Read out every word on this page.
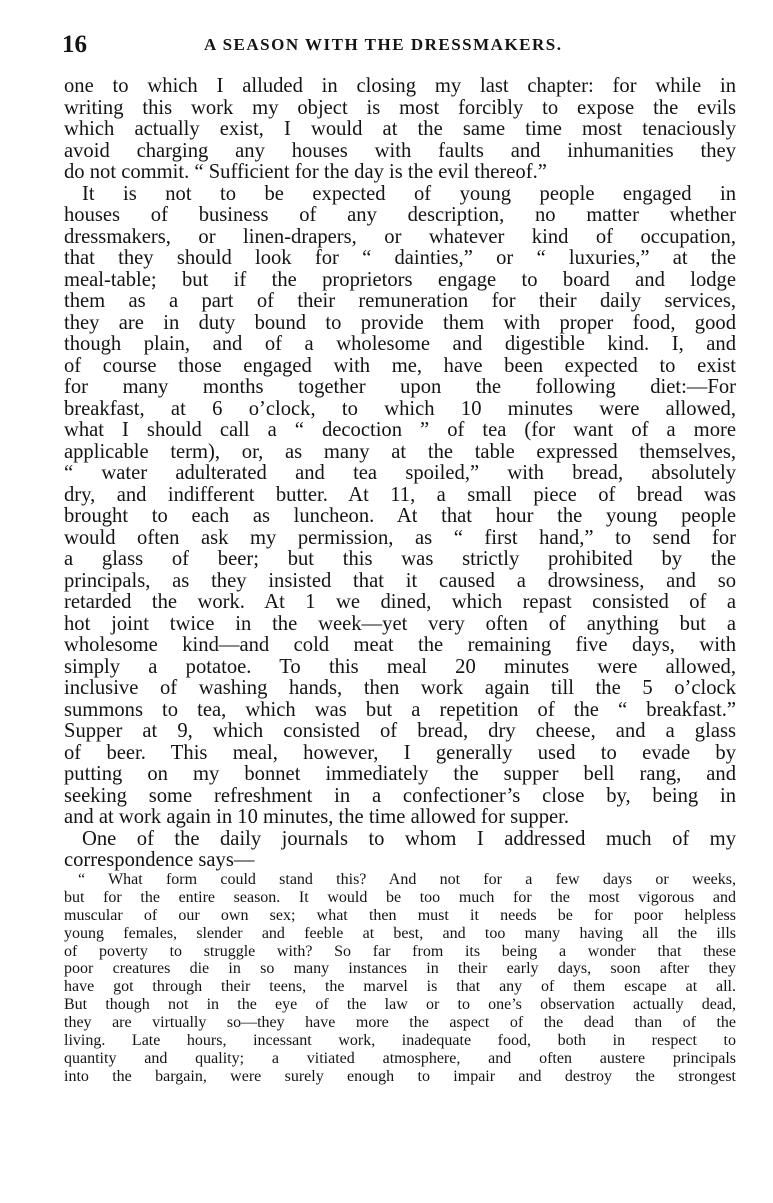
16	A SEASON WITH THE DRESSMAKERS.
one to which I alluded in closing my last chapter: for while in
writing this work my object is most forcibly to expose the evils
which actually exist, I would at the same time most tenaciously
avoid charging any houses with faults and inhumanities they
do not commit. “ Sufficient for the day is the evil thereof.”
It is not to be expected of young people engaged in
houses of business of any description, no matter whether
dressmakers, or linen-drapers, or whatever kind of occupation,
that they should look for “ dainties,” or “ luxuries,” at the
meal-table; but if the proprietors engage to board and lodge
them as a part of their remuneration for their daily services,
they are in duty bound to provide them with proper food, good
though plain, and of a wholesome and digestible kind. I, and
of course those engaged with me, have been expected to exist
for many months together upon the following diet:—For
breakfast, at 6 o’clock, to which 10 minutes were allowed,
what I should call a “ decoction ” of tea (for want of a more
applicable term), or, as many at the table expressed themselves,
“ water adulterated and tea spoiled,” with bread, absolutely
dry, and indifferent butter. At 11, a small piece of bread was
brought to each as luncheon. At that hour the young people
would often ask my permission, as “ first hand,” to send for
a glass of beer; but this was strictly prohibited by the
principals, as they insisted that it caused a drowsiness, and so
retarded the work. At 1 we dined, which repast consisted of a
hot joint twice in the week—yet very often of anything but a
wholesome kind—and cold meat the remaining five days, with
simply a potatoe. To this meal 20 minutes were allowed,
inclusive of washing hands, then work again till the 5 o’clock
summons to tea, which was but a repetition of the “ breakfast.”
Supper at 9, which consisted of bread, dry cheese, and a glass
of beer. This meal, however, I generally used to evade by
putting on my bonnet immediately the supper bell rang, and
seeking some refreshment in a confectioner’s close by, being in
and at work again in 10 minutes, the time allowed for supper.
One of the daily journals to whom I addressed much of my
correspondence says—
“ What form could stand this? And not for a few days or weeks,
but for the entire season. It would be too much for the most vigorous and
muscular of our own sex; what then must it needs be for poor helpless
young females, slender and feeble at best, and too many having all the ills
of poverty to struggle with? So far from its being a wonder that these
poor creatures die in so many instances in their early days, soon after they
have got through their teens, the marvel is that any of them escape at all.
But though not in the eye of the law or to one’s observation actually dead,
they are virtually so—they have more the aspect of the dead than of the
living. Late hours, incessant work, inadequate food, both in respect to
quantity and quality; a vitiated atmosphere, and often austere principals
into the bargain, were surely enough to impair and destroy the strongest
